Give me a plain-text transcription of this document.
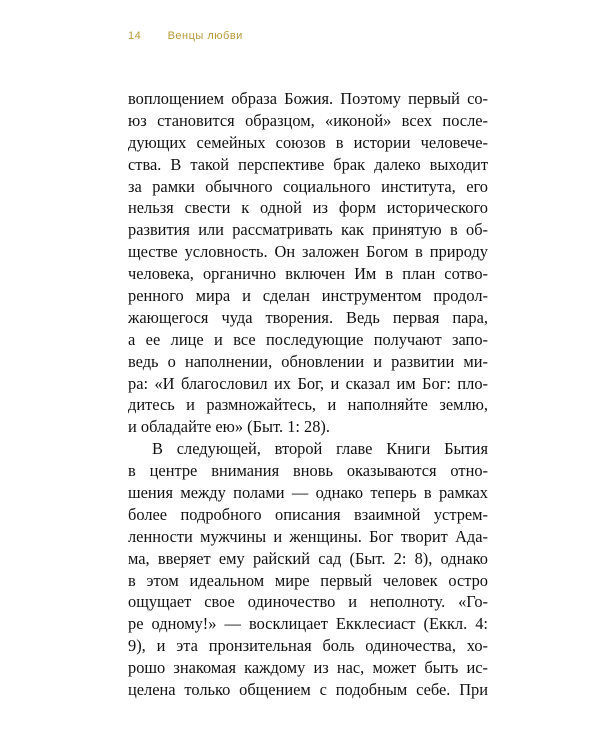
14 Венцы любви
воплощением образа Божия. Поэтому первый со-
юз становится образцом, «иконой» всех после-
дующих семейных союзов в истории человече-
ства. В такой перспективе брак далеко выходит
за рамки обычного социального института, его
нельзя свести к одной из форм исторического
развития или рассматривать как принятую в об-
ществе условность. Он заложен Богом в природу
человека, органично включен Им в план сотво-
ренного мира и сделан инструментом продол-
жающегося чуда творения. Ведь первая пара,
а ее лице и все последующие получают запо-
ведь о наполнении, обновлении и развитии ми-
ра: «И благословил их Бог, и сказал им Бог: пло-
дитесь и размножайтесь, и наполняйте землю,
и обладайте ею» (Быт. 1: 28).
В следующей, второй главе Книги Бытия
в центре внимания вновь оказываются отно-
шения между полами — однако теперь в рамках
более подробного описания взаимной устрем-
ленности мужчины и женщины. Бог творит Ада-
ма, вверяет ему райский сад (Быт. 2: 8), однако
в этом идеальном мире первый человек остро
ощущает свое одиночество и неполноту. «Го-
ре одному!» — восклицает Екклесиаст (Еккл. 4:
9), и эта пронзительная боль одиночества, хо-
рошо знакомая каждому из нас, может быть ис-
целена только общением с подобным себе. При
